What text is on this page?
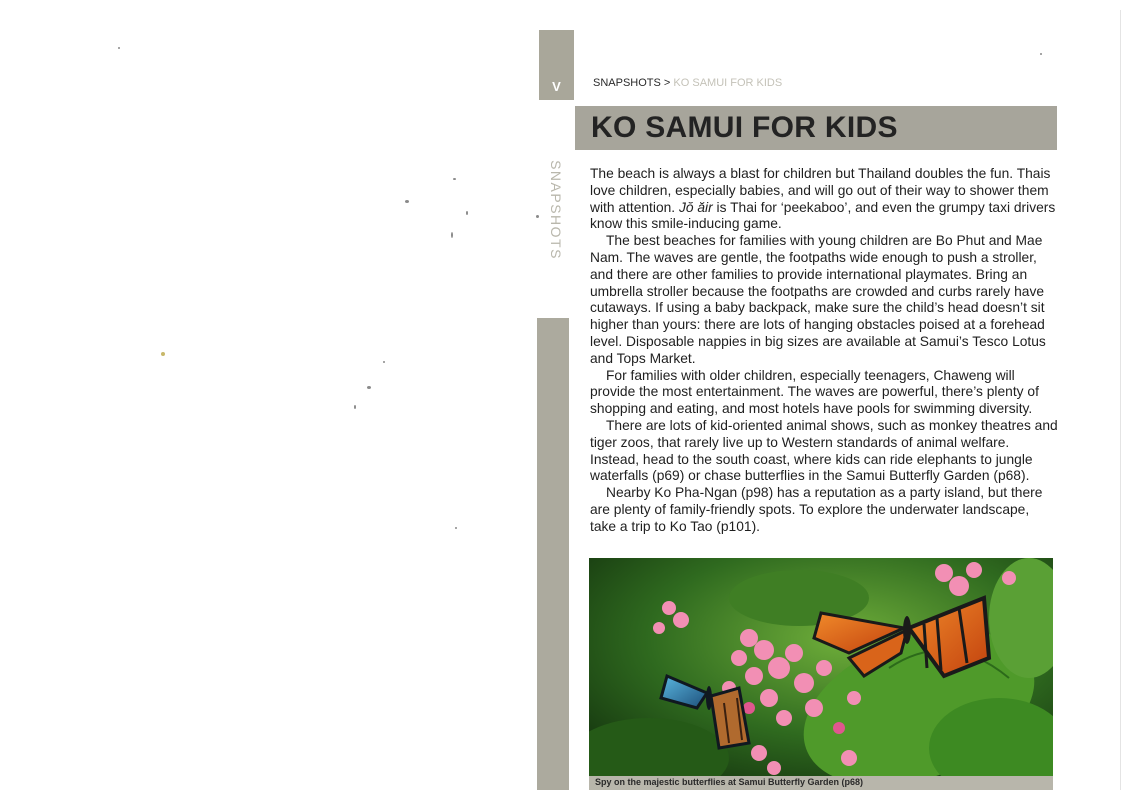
V
SNAPSHOTS
SNAPSHOTS > KO SAMUI FOR KIDS
KO SAMUI FOR KIDS

The beach is always a blast for children but Thailand doubles the fun. Thais love children, especially babies, and will go out of their way to shower them with attention. Jŏ ăir is Thai for ‘peekaboo’, and even the grumpy taxi drivers know this smile-inducing game.

The best beaches for families with young children are Bo Phut and Mae Nam. The waves are gentle, the footpaths wide enough to push a stroller, and there are other families to provide international playmates. Bring an umbrella stroller because the footpaths are crowded and curbs rarely have cutaways. If using a baby backpack, make sure the child’s head doesn’t sit higher than yours: there are lots of hanging obstacles poised at a forehead level. Disposable nappies in big sizes are available at Samui’s Tesco Lotus and Tops Market.

For families with older children, especially teenagers, Chaweng will provide the most entertainment. The waves are powerful, there’s plenty of shopping and eating, and most hotels have pools for swimming diversity.

There are lots of kid-oriented animal shows, such as monkey theatres and tiger zoos, that rarely live up to Western standards of animal welfare. Instead, head to the south coast, where kids can ride elephants to jungle waterfalls (p69) or chase butterflies in the Samui Butterfly Garden (p68).

Nearby Ko Pha-Ngan (p98) has a reputation as a party island, but there are plenty of family-friendly spots. To explore the underwater landscape, take a trip to Ko Tao (p101).

Spy on the majestic butterflies at Samui Butterfly Garden (p68)
